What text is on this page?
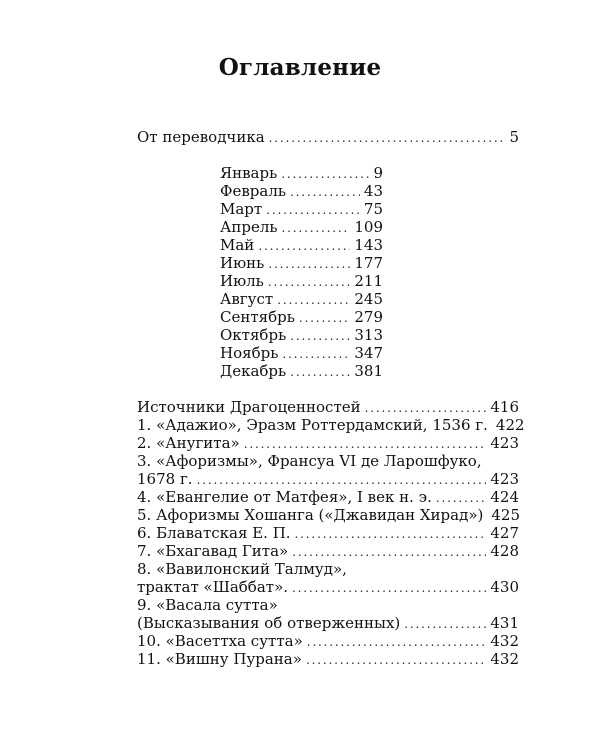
Оглавление
От переводчика . . .	5
Январь . . .	9
Февраль . . .	43
Март . . .	75
Апрель . . .	109
Май . . .	143
Июнь . . .	177
Июль . . .	211
Август . . .	245
Сентябрь . . .	279
Октябрь . . .	313
Ноябрь . . .	347
Декабрь . . .	381
Источники Драгоценностей . . .	416
1. «Адажио», Эразм Роттердамский, 1536 г. 422
2. «Анугита» . . .	423
3. «Афоризмы», Франсуа VI де Ларошфуко,
1678 г. . . .	423
4. «Евангелие от Матфея», I век н. э. . . .	424
5. Афоризмы Хошанга («Джавидан Хирад») 425
6. Блаватская Е. П. . . .	427
7. «Бхагавад Гита» . . .	428
8. «Вавилонский Талмуд»,
трактат «Шаббат». . . .	430
9. «Васала сутта»
(Высказывания об отверженных) . . .	431
10. «Васеттха сутта» . . .	432
11. «Вишну Пурана» . . .	432
